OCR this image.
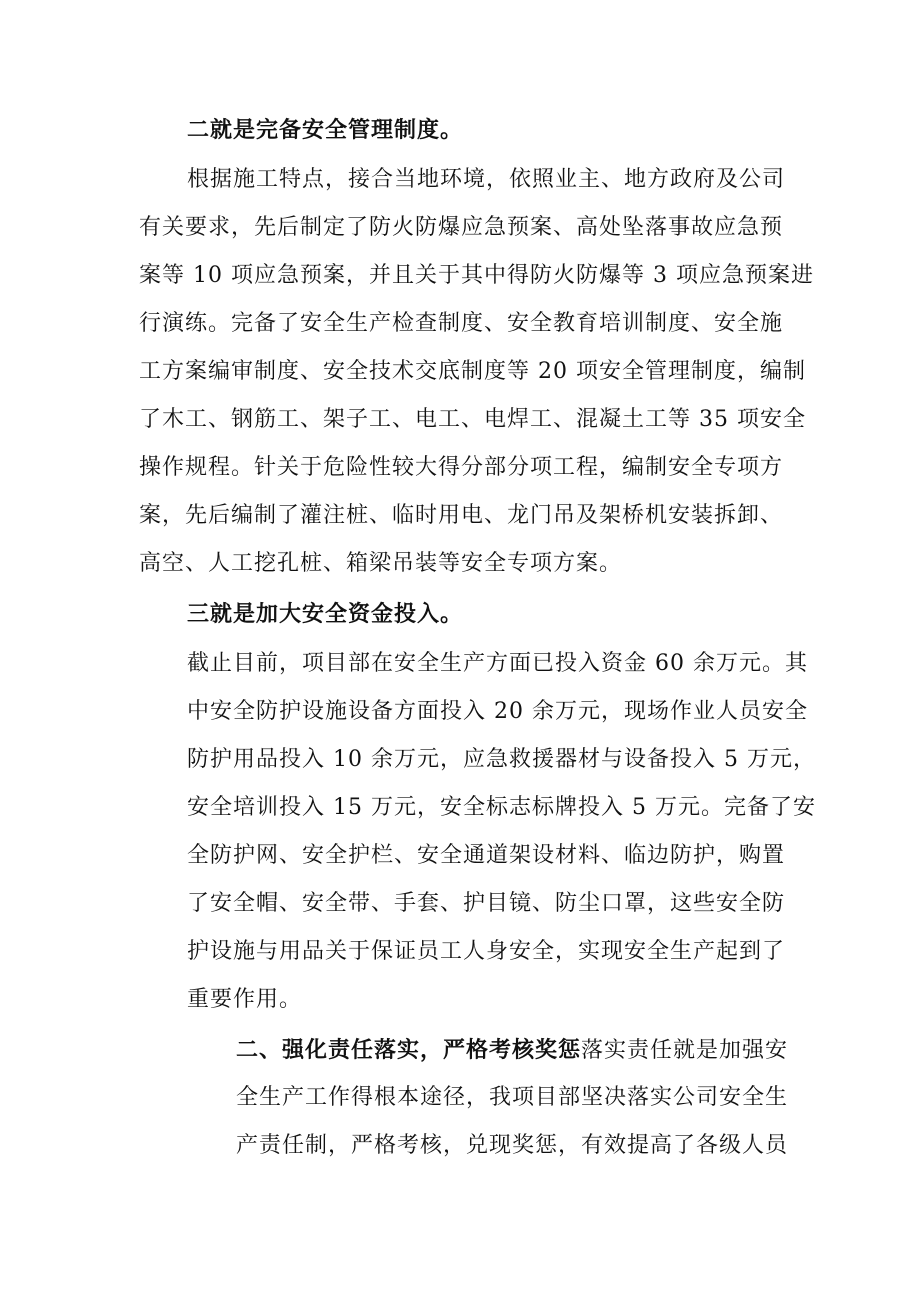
二就是完备安全管理制度。
根据施工特点，接合当地环境，依照业主、地方政府及公司
有关要求，先后制定了防火防爆应急预案、高处坠落事故应急预
案等 10 项应急预案，并且关于其中得防火防爆等 3 项应急预案进
行演练。完备了安全生产检查制度、安全教育培训制度、安全施
工方案编审制度、安全技术交底制度等 20 项安全管理制度，编制
了木工、钢筋工、架子工、电工、电焊工、混凝土工等 35 项安全
操作规程。针关于危险性较大得分部分项工程，编制安全专项方
案，先后编制了灌注桩、临时用电、龙门吊及架桥机安装拆卸、
高空、人工挖孔桩、箱梁吊装等安全专项方案。
三就是加大安全资金投入。
截止目前，项目部在安全生产方面已投入资金 60 余万元。其
中安全防护设施设备方面投入 20 余万元，现场作业人员安全
防护用品投入 10 余万元，应急救援器材与设备投入 5 万元，
安全培训投入 15 万元，安全标志标牌投入 5 万元。完备了安
全防护网、安全护栏、安全通道架设材料、临边防护，购置
了安全帽、安全带、手套、护目镜、防尘口罩，这些安全防
护设施与用品关于保证员工人身安全，实现安全生产起到了
重要作用。
二、强化责任落实，严格考核奖惩落实责任就是加强安
全生产工作得根本途径，我项目部坚决落实公司安全生
产责任制，严格考核，兑现奖惩，有效提高了各级人员
